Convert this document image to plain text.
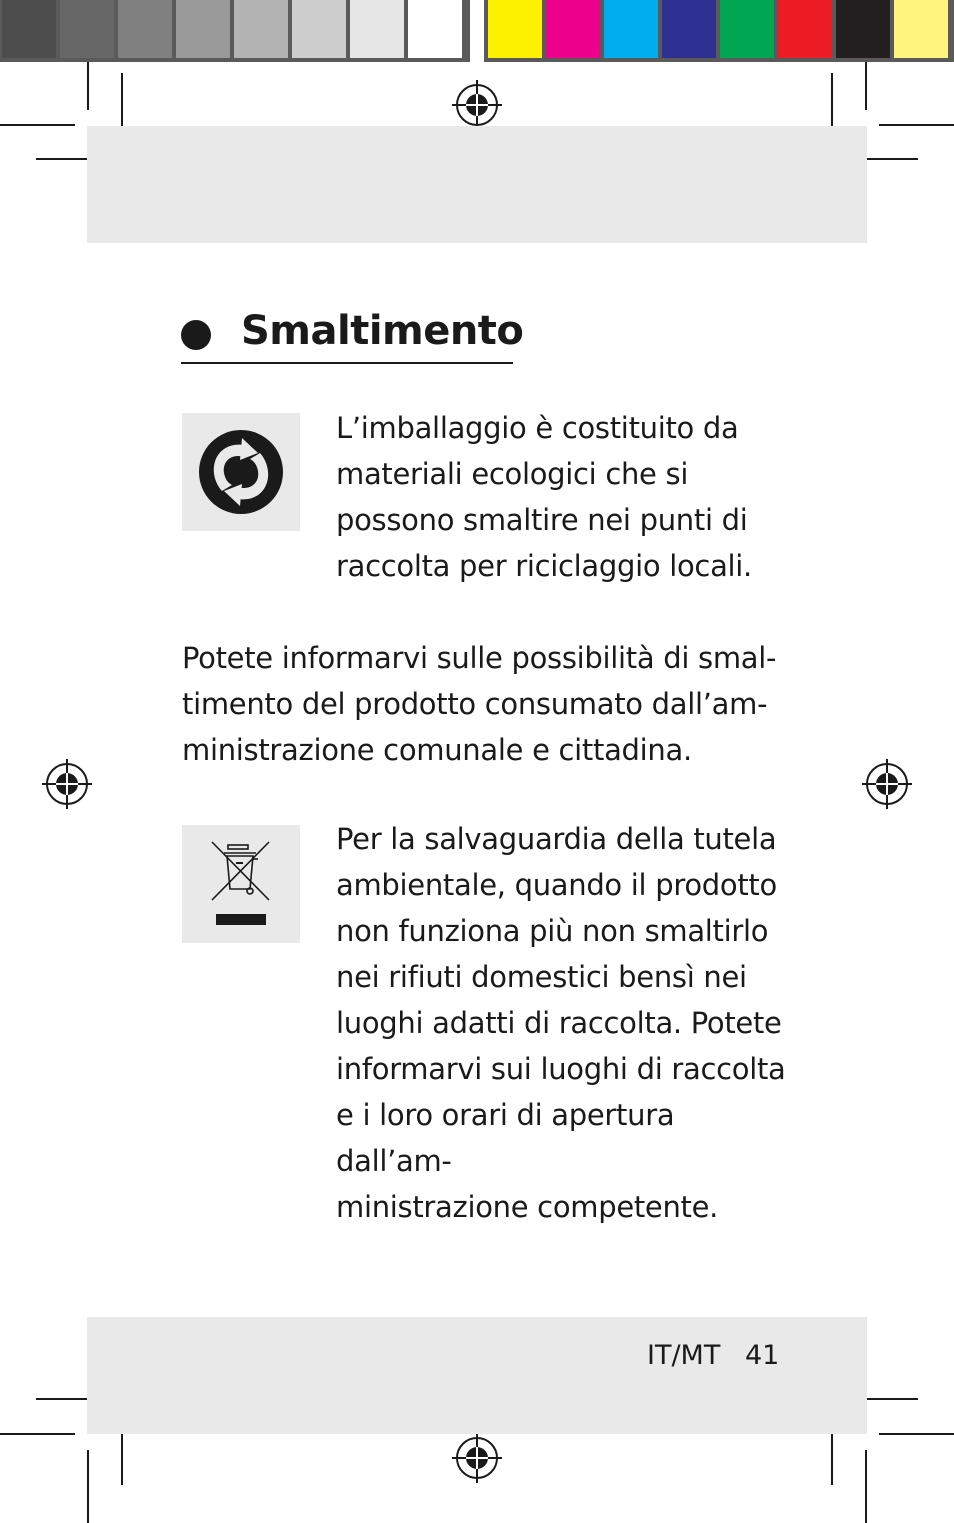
Smaltimento
L’imballaggio è costituito da
materiali ecologici che si
possono smaltire nei punti di
raccolta per riciclaggio locali.
Potete informarvi sulle possibilità di smal-
timento del prodotto consumato dall’am-
ministrazione comunale e cittadina.
Per la salvaguardia della tutela
ambientale, quando il prodotto
non funziona più non smaltirlo
nei rifiuti domestici bensì nei
luoghi adatti di raccolta. Potete
informarvi sui luoghi di raccolta
e i loro orari di apertura dall’am-
ministrazione competente.
IT/MT 41
